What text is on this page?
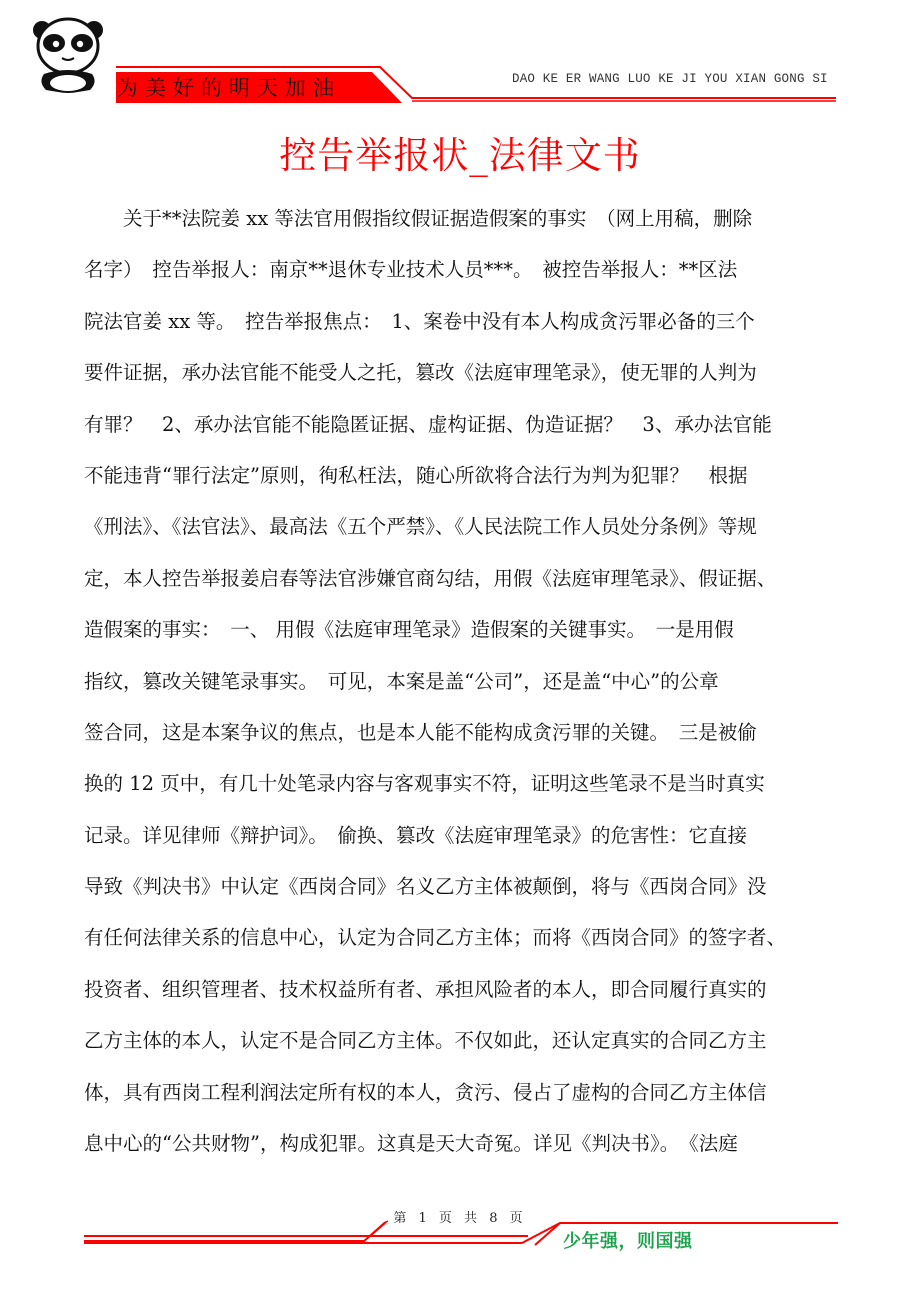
为美好的明天加油	DAO KE ER WANG LUO KE JI YOU XIAN GONG SI
控告举报状_法律文书
　　关于**法院姜 xx 等法官用假指纹假证据造假案的事实　（网上用稿，删除
名字）　控告举报人：南京**退休专业技术人员***。　被控告举报人：**区法
院法官姜 xx 等。　控告举报焦点：　1、案卷中没有本人构成贪污罪必备的三个
要件证据，承办法官能不能受人之托，篡改《法庭审理笔录》，使无罪的人判为
有罪？　2、承办法官能不能隐匿证据、虚构证据、伪造证据？　3、承办法官能
不能违背“罪行法定”原则，徇私枉法，随心所欲将合法行为判为犯罪？　根据
《刑法》、《法官法》、最高法《五个严禁》、《人民法院工作人员处分条例》等规
定，本人控告举报姜启春等法官涉嫌官商勾结，用假《法庭审理笔录》、假证据、
造假案的事实：　一、 用假《法庭审理笔录》造假案的关键事实。　一是用假
指纹，篡改关键笔录事实。　可见，本案是盖“公司”，还是盖“中心”的公章
签合同，这是本案争议的焦点，也是本人能不能构成贪污罪的关键。　三是被偷
换的 12 页中，有几十处笔录内容与客观事实不符，证明这些笔录不是当时真实
记录。详见律师《辩护词》。　偷换、篡改《法庭审理笔录》的危害性：它直接
导致《判决书》中认定《西岗合同》名义乙方主体被颠倒，将与《西岗合同》没
有任何法律关系的信息中心，认定为合同乙方主体；而将《西岗合同》的签字者、
投资者、组织管理者、技术权益所有者、承担风险者的本人，即合同履行真实的
乙方主体的本人，认定不是合同乙方主体。不仅如此，还认定真实的合同乙方主
体，具有西岗工程利润法定所有权的本人，贪污、侵占了虚构的合同乙方主体信
息中心的“公共财物”，构成犯罪。这真是天大奇冤。详见《判决书》。　《法庭
第 1 页 共 8 页
少年强，则国强
